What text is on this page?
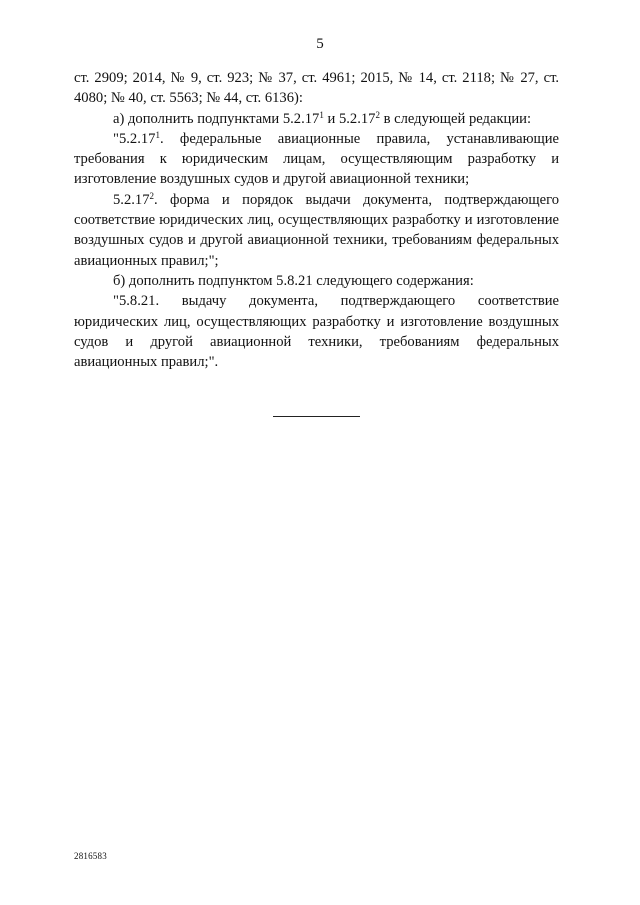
5

ст. 2909; 2014, № 9, ст. 923; № 37, ст. 4961; 2015, № 14, ст. 2118; № 27, ст. 4080; № 40, ст. 5563; № 44, ст. 6136):

а) дополнить подпунктами 5.2.17$^1$ и 5.2.17$^2$ в следующей редакции:

"5.2.17$^1$. федеральные авиационные правила, устанавливающие требования к юридическим лицам, осуществляющим разработку и изготовление воздушных судов и другой авиационной техники;

5.2.17$^2$. форма и порядок выдачи документа, подтверждающего соответствие юридических лиц, осуществляющих разработку и изготовление воздушных судов и другой авиационной техники, требованиям федеральных авиационных правил;";

б) дополнить подпунктом 5.8.21 следующего содержания:

"5.8.21. выдачу документа, подтверждающего соответствие юридических лиц, осуществляющих разработку и изготовление воздушных судов и другой авиационной техники, требованиям федеральных авиационных правил;".

2816583
